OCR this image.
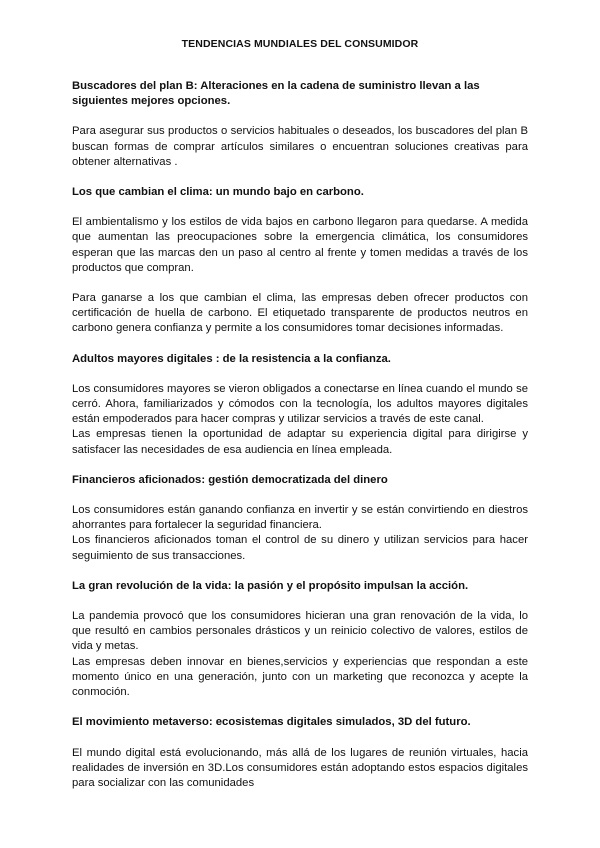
TENDENCIAS MUNDIALES DEL CONSUMIDOR

Buscadores del plan B: Alteraciones en la cadena de suministro llevan a las siguientes mejores opciones.

Para asegurar sus productos o servicios habituales o deseados, los buscadores del plan B buscan formas de comprar artículos similares o encuentran soluciones creativas para obtener alternativas .

Los que cambian el clima: un mundo bajo en carbono.

El ambientalismo y los estilos de vida bajos en carbono llegaron para quedarse. A medida que aumentan las preocupaciones sobre la emergencia climática, los consumidores esperan que las marcas den un paso al centro al frente y tomen medidas a través de los productos que compran.

Para ganarse a los que cambian el clima, las empresas deben ofrecer productos con certificación de huella de carbono. El etiquetado transparente de productos neutros en carbono genera confianza y permite a los consumidores tomar decisiones informadas.

Adultos mayores digitales : de la resistencia a la confianza.

Los consumidores mayores se vieron obligados a conectarse en línea cuando el mundo se cerró. Ahora, familiarizados y cómodos con la tecnología, los adultos mayores digitales están empoderados para hacer compras y utilizar servicios a través de este canal.

Las empresas tienen la oportunidad de adaptar su experiencia digital para dirigirse y satisfacer las necesidades de esa audiencia en línea empleada.

Financieros aficionados: gestión democratizada del dinero

Los consumidores están ganando confianza en invertir y se están convirtiendo en diestros ahorrantes para fortalecer la seguridad financiera.

Los financieros aficionados toman el control de su dinero y utilizan servicios para hacer seguimiento de sus transacciones.

La gran revolución de la vida: la pasión y el propósito impulsan la acción.

La pandemia provocó que los consumidores hicieran una gran renovación de la vida, lo que resultó en cambios personales drásticos y un reinicio colectivo de valores, estilos de vida y metas.

Las empresas deben innovar en bienes,servicios y experiencias que respondan a este momento único en una generación, junto con un marketing que reconozca y acepte la conmoción.

El movimiento metaverso: ecosistemas digitales simulados, 3D del futuro.

El mundo digital está evolucionando, más allá de los lugares de reunión virtuales, hacia realidades de inversión en 3D.Los consumidores están adoptando estos espacios digitales para socializar con las comunidades
